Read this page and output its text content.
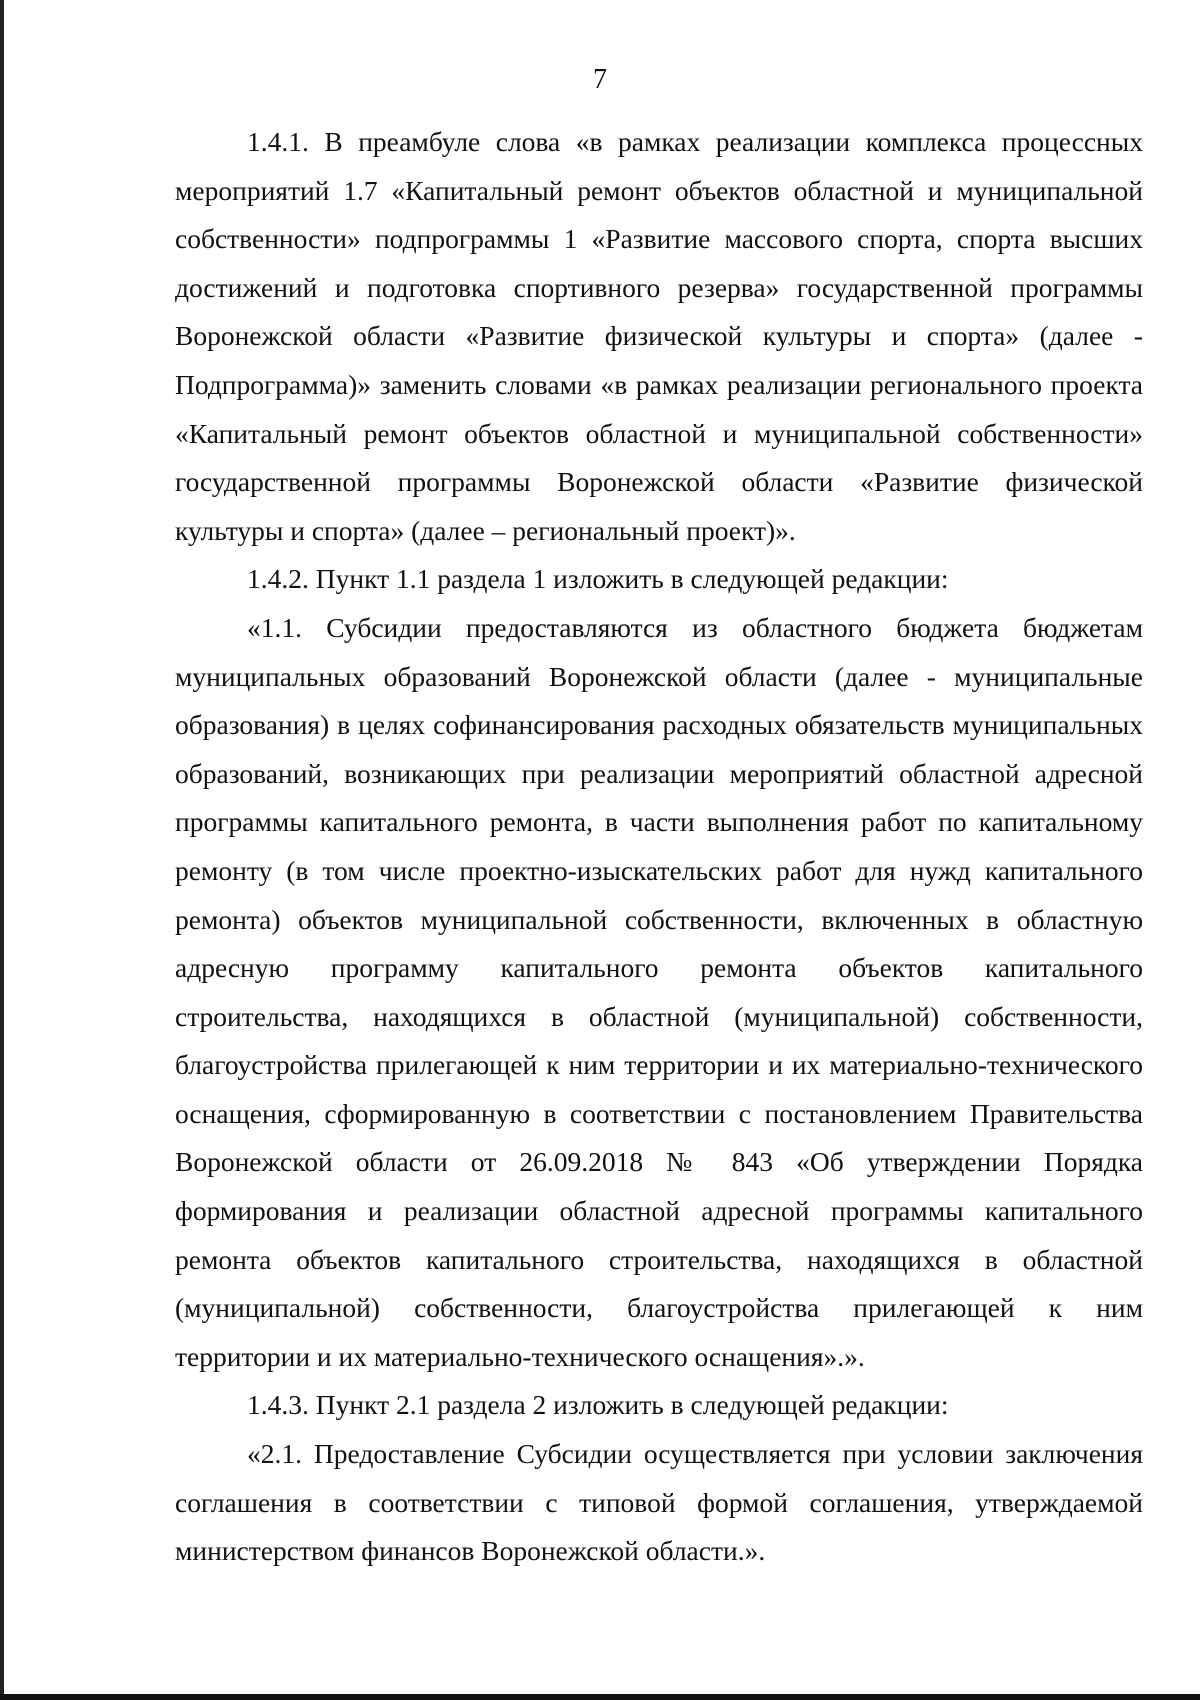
7

1.4.1. В преамбуле слова «в рамках реализации комплекса процессных мероприятий 1.7 «Капитальный ремонт объектов областной и муниципальной собственности» подпрограммы 1 «Развитие массового спорта, спорта высших достижений и подготовка спортивного резерва» государственной программы Воронежской области «Развитие физической культуры и спорта» (далее - Подпрограмма)» заменить словами «в рамках реализации регионального проекта «Капитальный ремонт объектов областной и муниципальной собственности» государственной программы Воронежской области «Развитие физической культуры и спорта» (далее – региональный проект)».

1.4.2. Пункт 1.1 раздела 1 изложить в следующей редакции:

«1.1. Субсидии предоставляются из областного бюджета бюджетам муниципальных образований Воронежской области (далее - муниципальные образования) в целях софинансирования расходных обязательств муниципальных образований, возникающих при реализации мероприятий областной адресной программы капитального ремонта, в части выполнения работ по капитальному ремонту (в том числе проектно-изыскательских работ для нужд капитального ремонта) объектов муниципальной собственности, включенных в областную адресную программу капитального ремонта объектов капитального строительства, находящихся в областной (муниципальной) собственности, благоустройства прилегающей к ним территории и их материально-технического оснащения, сформированную в соответствии с постановлением Правительства Воронежской области от 26.09.2018 № 843 «Об утверждении Порядка формирования и реализации областной адресной программы капитального ремонта объектов капитального строительства, находящихся в областной (муниципальной) собственности, благоустройства прилегающей к ним территории и их материально-технического оснащения».».

1.4.3. Пункт 2.1 раздела 2 изложить в следующей редакции:

«2.1. Предоставление Субсидии осуществляется при условии заключения соглашения в соответствии с типовой формой соглашения, утверждаемой министерством финансов Воронежской области.».
